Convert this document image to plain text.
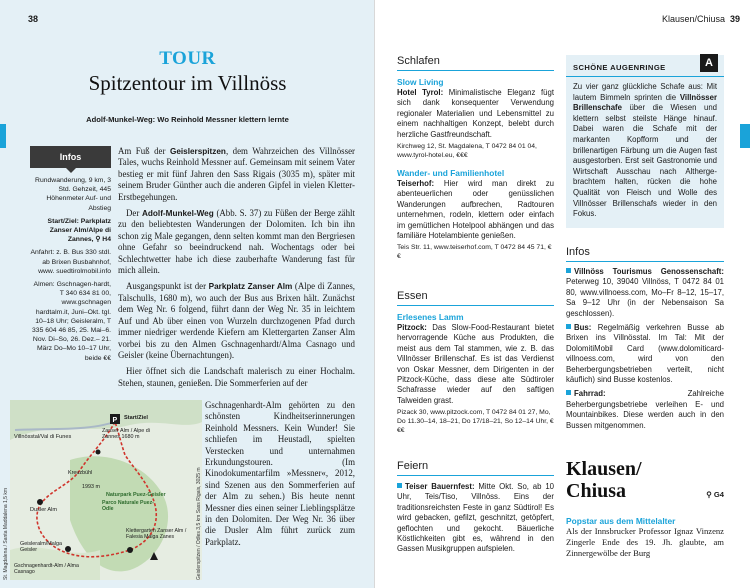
38
TOUR
Spitzentour im Villnöss
Adolf-Munkel-Weg: Wo Reinhold Messner klettern lernte
Infos

Rundwanderung, 9 km, 3 Std. Gehzeit, 445 Höhenmeter Auf- und Abstieg

Start/Ziel: Parkplatz Zanser Alm/Alpe di Zannes, ⚲ H4

Anfahrt: z. B. Bus 330 stdl. ab Brixen Busbahnhof, www. suedtirolmobil.info

Almen: Gschnagen-hardt, T 340 634 81 00, www.gschnagen hardtalm.it, Juni–Okt. tgl. 10–18 Uhr; Geisleralm, T 335 604 46 85, 25. Mai–6. Nov. Di–So, 26. Dez.– 21. März Do–Mo 10–17 Uhr, beide €€

Am Fuß der Geislerspitzen, dem Wahrzeichen des Villnösser Tales, wuchs Reinhold Messner auf. Gemeinsam mit seinem Vater bestieg er mit fünf Jahren den Sass Rigais (3035 m), später mit seinem Bruder Günther auch die anderen Gipfel in vielen Kletter-Erstbegehungen.

Der Adolf-Munkel-Weg (Abb. S. 37) zu Füßen der Berge zählt zu den beliebtesten Wanderungen der Dolomiten. Ich bin ihn schon zig Male gegangen, denn selten kommt man den Bergriesen ohne Gefahr so beeindruckend nah. Wochentags oder bei Schlechtwetter habe ich diese zauberhafte Wanderung fast für mich allein.

Ausgangspunkt ist der Parkplatz Zanser Alm (Alpe di Zannes, Talschulls, 1680 m), wo auch der Bus aus Brixen hält. Zunächst dem Weg Nr. 6 folgend, führt dann der Weg Nr. 35 in leichtem Auf und Ab über einen von Wurzeln durchzogenen Pfad durch immer niedriger werdende Kiefern am Klettergarten Zanser Alm vorbei bis zu den Almen Gschnagenhardt/Alma Casnago und Geisler (keine Übernachtungen).

Hier öffnet sich die Landschaft malerisch zu einer Hochalm. Stehen, staunen, genießen. Die Sommerferien auf der

Gschnagenhardt-Alm gehörten zu den schönsten Kindheitserinnerungen Reinhold Messners. Kein Wunder! Sie schliefen im Heustadl, spielten Verstecken und unternahmen Erkundungstouren. (Im Kinodokumentarfilm »Messner«, 2012, sind Szenen aus den Sommerferien auf der Alm zu sehen.) Bis heute nennt Messner dies einen seiner Lieblingsplätze in den Dolomiten. Der Weg Nr. 36 über die Dusler Alm führt zurück zum Parkplatz.
P
Villnösstal/Val di Funes
Start/Ziel
Zanser Alm / Alpe di Zannes 1680 m
Kreuzbühl
1993 m
Dusler Alm
Naturpark Puez-Geisler
Parco Naturale Puez-Odle
Geisleralm/Malga Geisler
Klettergarten Zanser Alm / Falesia Malga Zanes
Gschnagenhardt-Alm / Alma Casnago
St. Magdalena / Santa Maddalena 1,5 km	Geislerspitzen / Odles 3,5 km Sass Rigais, 3025 m
Klausen/Chiusa 39
Schlafen
Slow Living
Hotel Tyrol: Minimalistische Eleganz fügt sich dank konsequenter Verwendung regionaler Materialien und Lebensmittel zu einem nachhaltigen Konzept, belebt durch herzliche Gastfreundschaft.
Kirchweg 12, St. Magdalena, T 0472 84 01 04, www.tyrol-hotel.eu, €€€
Wander- und Familienhotel
Teiserhof: Hier wird man direkt zu abenteuerlichen oder genüsslichen Wanderungen aufbrechen, Radtouren unternehmen, rodeln, klettern oder einfach im gemütlichen Hotelpool abhängen und das familiäre Hotelambiente genießen.
Teis Str. 11, www.teiserhof.com, T 0472 84 45 71, €€
Essen
Erlesenes Lamm
Pitzock: Das Slow-Food-Restaurant bietet hervorragende Küche aus Produkten, die meist aus dem Tal stammen, wie z. B. das Villnösser Brillenschaf. Es ist das Verdienst von Oskar Messner, dem Dirigenten in der Pitzock-Küche, dass diese alte Südtiroler Schafrasse wieder auf den saftigen Talweiden grast.
Pizack 30, www.pitzock.com, T 0472 84 01 27, Mo, Do 11.30–14, 18–21, Do 17/18–21, So 12–14 Uhr, €€€
Feiern
Teiser Bauernfest: Mitte Okt. So, ab 10 Uhr, Teis/Tiso, Villnöss. Eins der traditionsreichsten Feste in ganz Südtirol! Es wird gebacken, gefilzt, geschnitzt, getöpfert, geflochten und gekocht. Bäuerliche Köstlichkeiten gibt es, während in den Gassen Musikgruppen aufspielen.
SCHÖNE AUGENRINGE
Zu vier ganz glückliche Schafe aus: Mit lautem Bimmeln sprinten die Villnösser Brillenschafe über die Wiesen und klettern selbst steilste Hänge hinauf. Dabei waren die Schafe mit der markanten Kopfform und der brillenartigen Färbung um die Augen fast ausgestorben. Erst seit Gastronomie und Wirtschaft Ausschau nach Althergebrachtem halten, rücken die hohe Qualität von Fleisch und Wolle des Villnösser Brillenschafs wieder in den Fokus.
A
Infos

Villnöss Tourismus Genossenschaft: Peterweg 10, 39040 Villnöss, T 0472 84 01 80, www.villnoess.com, Mo–Fr 8–12, 15–17, Sa 9–12 Uhr (in der Nebensaison Sa geschlossen).

Bus: Regelmäßig verkehren Busse ab Brixen ins Villnösstal. Im Tal: Mit der DolomitiMobil Card (www.dolomiticard-villnoess.com, wird von den Beherbergungsbetrieben verteilt, nicht käuflich) sind Busse kostenlos.

Fahrrad: Zahlreiche Beherbergungsbetriebe verleihen E- und Mountainbikes. Diese werden auch in den Bussen mitgenommen.

Klausen/
Chiusa	⚲ G4
Popstar aus dem Mittelalter
Als der Innsbrucker Professor Ignaz Vinzenz Zingerle Ende des 19. Jh. glaubte, am Zinnergewölbe der Burg
